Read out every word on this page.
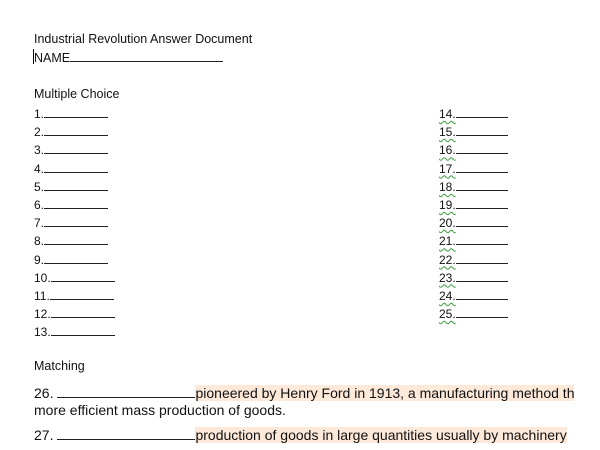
Industrial Revolution Answer Document
NAME
Multiple Choice
1.
2.
3.
4.
5.
6.
7.
8.
9.
10.
11.
12.
13.
14.
15.
16.
17.
18.
19.
20.
21.
22.
23.
24.
25.
Matching
26.	pioneered by Henry Ford in 1913, a manufacturing method th
more efficient mass production of goods.
27.	production of goods in large quantities usually by machinery
